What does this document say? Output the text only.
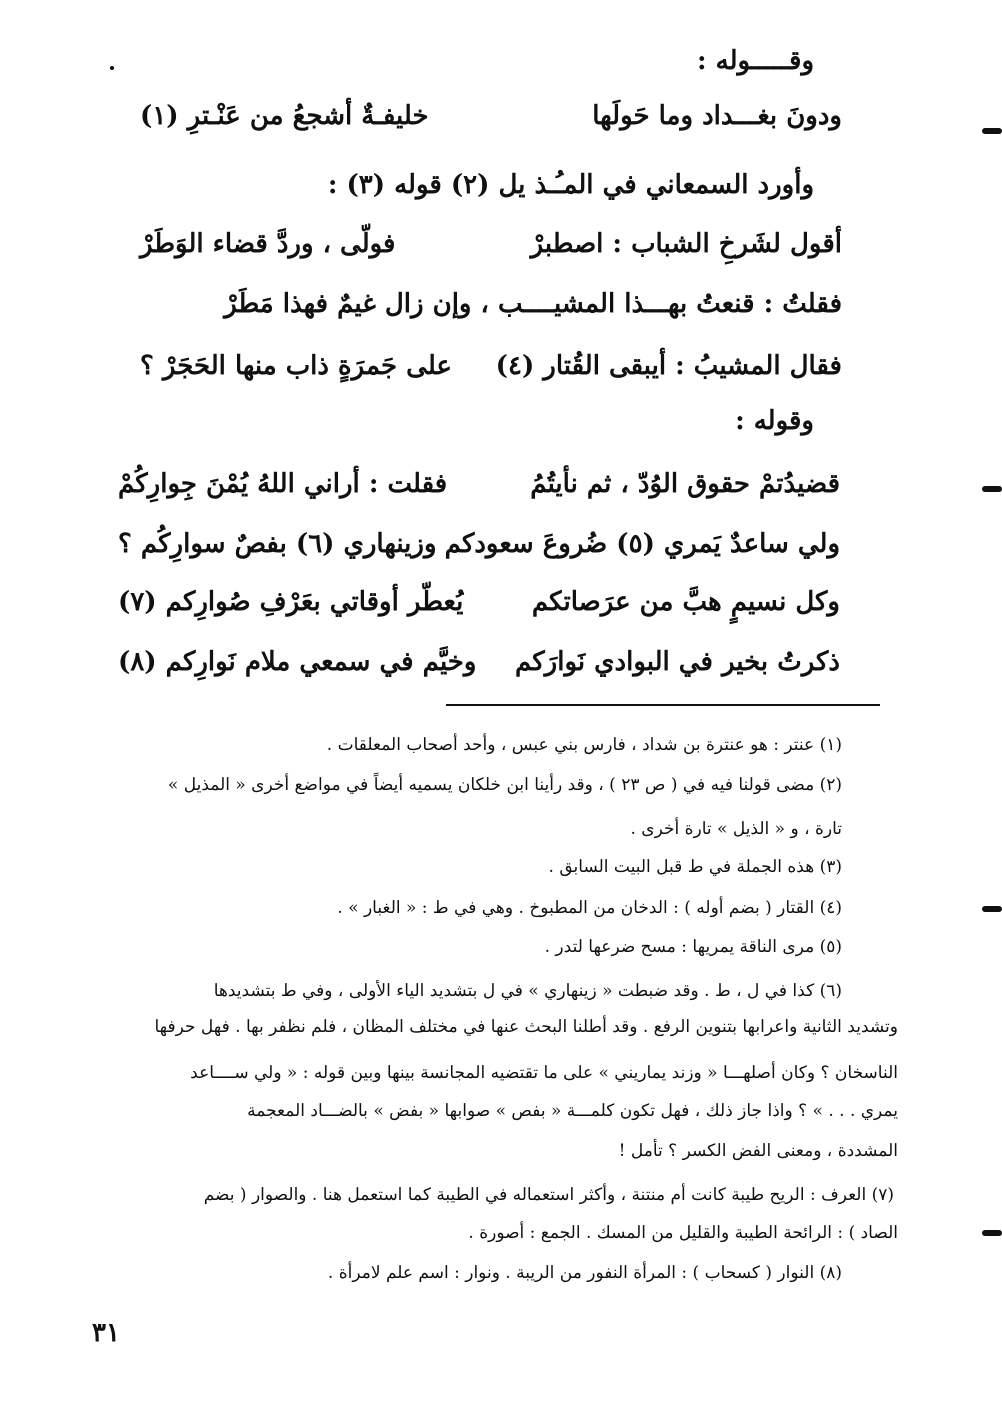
وقـــــوله :
ودونَ بغـــداد وما حَولَها
خليفـةٌ أشجعُ من عَنْـترِ (١)
وأورد السمعاني في المـُـذ يل (٢) قوله (٣) :
أقول لشَرخِ الشباب : اصطبرْ
فولّى ، وردَّ قضاء الوَطَرْ
فقلتُ : قنعتُ بهـــذا المشيــــب ، وإن زال غيمٌ فهذا مَطَرْ
فقال المشيبُ : أيبقى القُتار (٤)
على جَمرَةٍ ذاب منها الحَجَرْ ؟
وقوله :
قضيدُتمْ حقوق الوُدّ ، ثم نأيتُمُ
فقلت : أراني اللهُ يُمْنَ جِوارِكُمْ
ولي ساعدٌ يَمري (٥) ضُروعَ سعودكم
وزينهاري (٦) بفصٌ سوارِكُم ؟
وكل نسيمٍ هبَّ من عرَصاتكم
يُعطّر أوقاتي بعَرْفِ صُوارِكم (٧)
ذكرتُ بخير في البوادي نَوارَكم
وخيَّم في سمعي ملام نَوارِكم (٨)
(١) عنتر : هو عنترة بن شداد ، فارس بني عبس ، وأحد أصحاب المعلقات .
(٢) مضى قولنا فيه في ( ص ٢٣ ) ، وقد رأينا ابن خلكان يسميه أيضاً في مواضع أخرى « المذيل »
تارة ، و « الذيل » تارة أخرى .
(٣) هذه الجملة في ط قبل البيت السابق .
(٤) القتار ( بضم أوله ) : الدخان من المطبوخ . وهي في ط : « الغبار » .
(٥) مرى الناقة يمريها : مسح ضرعها لتدر .
(٦) كذا في ل ، ط . وقد ضبطت « زينهاري » في ل بتشديد الياء الأولى ، وفي ط بتشديدها
وتشديد الثانية واعرابها بتنوين الرفع . وقد أطلنا البحث عنها في مختلف المظان ، فلم نظفر بها . فهل حرفها
الناسخان ؟ وكان أصلهـــا « وزند يماريني » على ما تقتضيه المجانسة بينها وبين قوله : « ولي ســــاعد
يمري . . . » ؟ واذا جاز ذلك ، فهل تكون كلمـــة « بفص » صوابها « بفض » بالضـــاد المعجمة
المشددة ، ومعنى الفض الكسر ؟ تأمل !
(٧) العرف : الريح طيبة كانت أم منتنة ، وأكثر استعماله في الطيبة كما استعمل هنا . والصوار ( بضم
الصاد ) : الرائحة الطيبة والقليل من المسك . الجمع : أصورة .
(٨) النوار ( كسحاب ) : المرأة النفور من الريبة . ونوار : اسم علم لامرأة .
٣١
